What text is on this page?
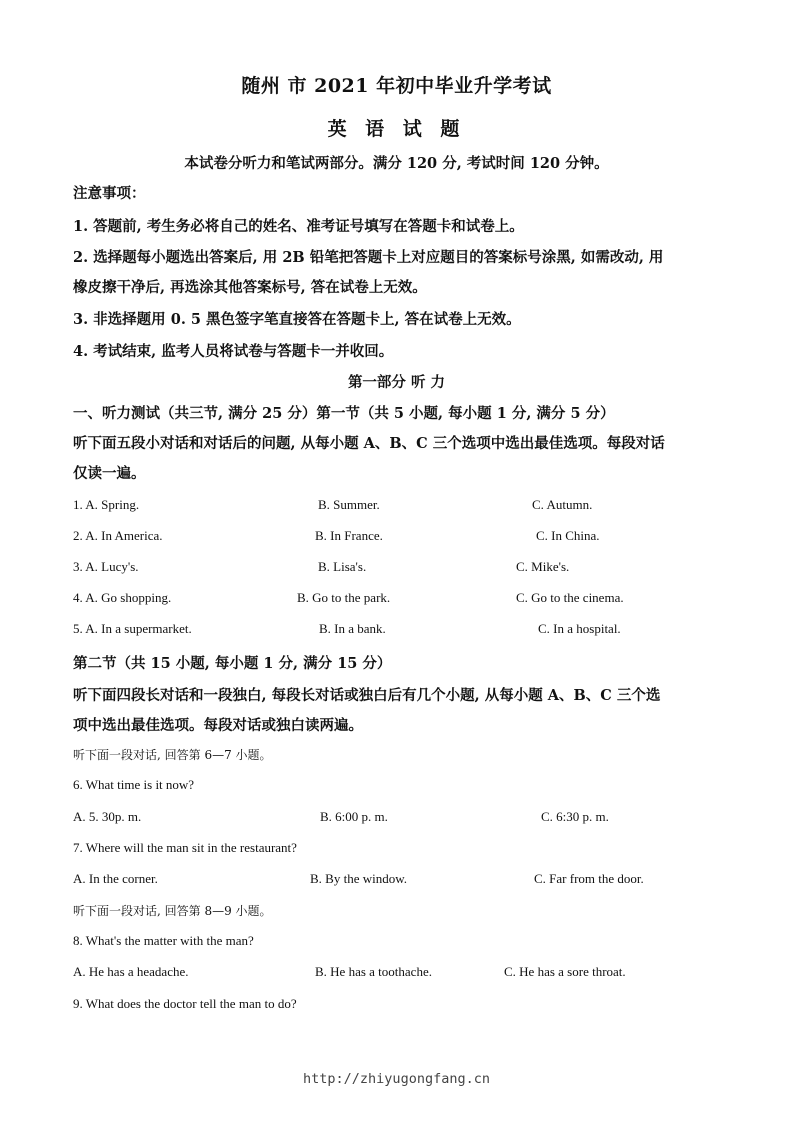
随州 市 2021 年初中毕业升学考试
英 语 试 题
本试卷分听力和笔试两部分。满分 120 分, 考试时间 120 分钟。
注意事项：
1. 答题前, 考生务必将自己的姓名、准考证号填写在答题卡和试卷上。
2. 选择题每小题选出答案后, 用 2B 铅笔把答题卡上对应题目的答案标号涂黑, 如需改动, 用
橡皮擦干净后, 再选涂其他答案标号, 答在试卷上无效。
3. 非选择题用 0. 5 黑色签字笔直接答在答题卡上, 答在试卷上无效。
4. 考试结束, 监考人员将试卷与答题卡一并收回。
第一部分 听 力
一、听力测试（共三节, 满分 25 分）第一节（共 5 小题, 每小题 1 分, 满分 5 分）
听下面五段小对话和对话后的问题, 从每小题 A、B、C 三个选项中选出最佳选项。每段对话
仅读一遍。
1. A. Spring.	B. Summer.	C. Autumn.
2. A. In America.	B. In France.	C. In China.
3. A. Lucy's.	B. Lisa's.	C. Mike's.
4. A. Go shopping.	B. Go to the park.	C. Go to the cinema.
5. A. In a supermarket.	B. In a bank.	C. In a hospital.
第二节（共 15 小题, 每小题 1 分, 满分 15 分）
听下面四段长对话和一段独白, 每段长对话或独白后有几个小题, 从每小题 A、B、C 三个选
项中选出最佳选项。每段对话或独白读两遍。
听下面一段对话, 回答第 6—7 小题。
6. What time is it now?
A. 5. 30p. m.	B. 6:00 p. m.	C. 6:30 p. m.
7. Where will the man sit in the restaurant?
A. In the corner.	B. By the window.	C. Far from the door.
听下面一段对话, 回答第 8—9 小题。
8. What's the matter with the man?
A. He has a headache.	B. He has a toothache.	C. He has a sore throat.
9. What does the doctor tell the man to do?
http://zhiyugongfang.cn
